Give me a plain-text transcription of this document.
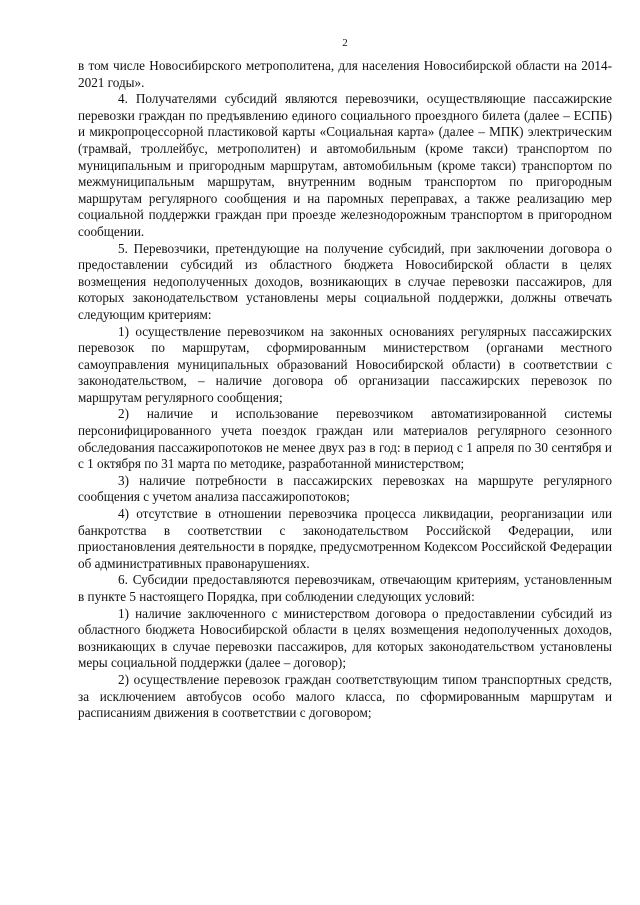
2

в том числе Новосибирского метрополитена, для населения Новосибирской области на 2014-2021 годы».

4. Получателями субсидий являются перевозчики, осуществляющие пассажирские перевозки граждан по предъявлению единого социального проездного билета (далее – ЕСПБ) и микропроцессорной пластиковой карты «Социальная карта» (далее – МПК) электрическим (трамвай, троллейбус, метрополитен) и автомобильным (кроме такси) транспортом по муниципальным и пригородным маршрутам, автомобильным (кроме такси) транспортом по межмуниципальным маршрутам, внутренним водным транспортом по пригородным маршрутам регулярного сообщения и на паромных переправах, а также реализацию мер социальной поддержки граждан при проезде железнодорожным транспортом в пригородном сообщении.

5. Перевозчики, претендующие на получение субсидий, при заключении договора о предоставлении субсидий из областного бюджета Новосибирской области в целях возмещения недополученных доходов, возникающих в случае перевозки пассажиров, для которых законодательством установлены меры социальной поддержки, должны отвечать следующим критериям:

1) осуществление перевозчиком на законных основаниях регулярных пассажирских перевозок по маршрутам, сформированным министерством (органами местного самоуправления муниципальных образований Новосибирской области) в соответствии с законодательством, – наличие договора об организации пассажирских перевозок по маршрутам регулярного сообщения;

2) наличие и использование перевозчиком автоматизированной системы персонифицированного учета поездок граждан или материалов регулярного сезонного обследования пассажиропотоков не менее двух раз в год: в период с 1 апреля по 30 сентября и с 1 октября по 31 марта по методике, разработанной министерством;

3) наличие потребности в пассажирских перевозках на маршруте регулярного сообщения с учетом анализа пассажиропотоков;

4) отсутствие в отношении перевозчика процесса ликвидации, реорганизации или банкротства в соответствии с законодательством Российской Федерации, или приостановления деятельности в порядке, предусмотренном Кодексом Российской Федерации об административных правонарушениях.

6. Субсидии предоставляются перевозчикам, отвечающим критериям, установленным в пункте 5 настоящего Порядка, при соблюдении следующих условий:

1) наличие заключенного с министерством договора о предоставлении субсидий из областного бюджета Новосибирской области в целях возмещения недополученных доходов, возникающих в случае перевозки пассажиров, для которых законодательством установлены меры социальной поддержки (далее – договор);

2) осуществление перевозок граждан соответствующим типом транспортных средств, за исключением автобусов особо малого класса, по сформированным маршрутам и расписаниям движения в соответствии с договором;
